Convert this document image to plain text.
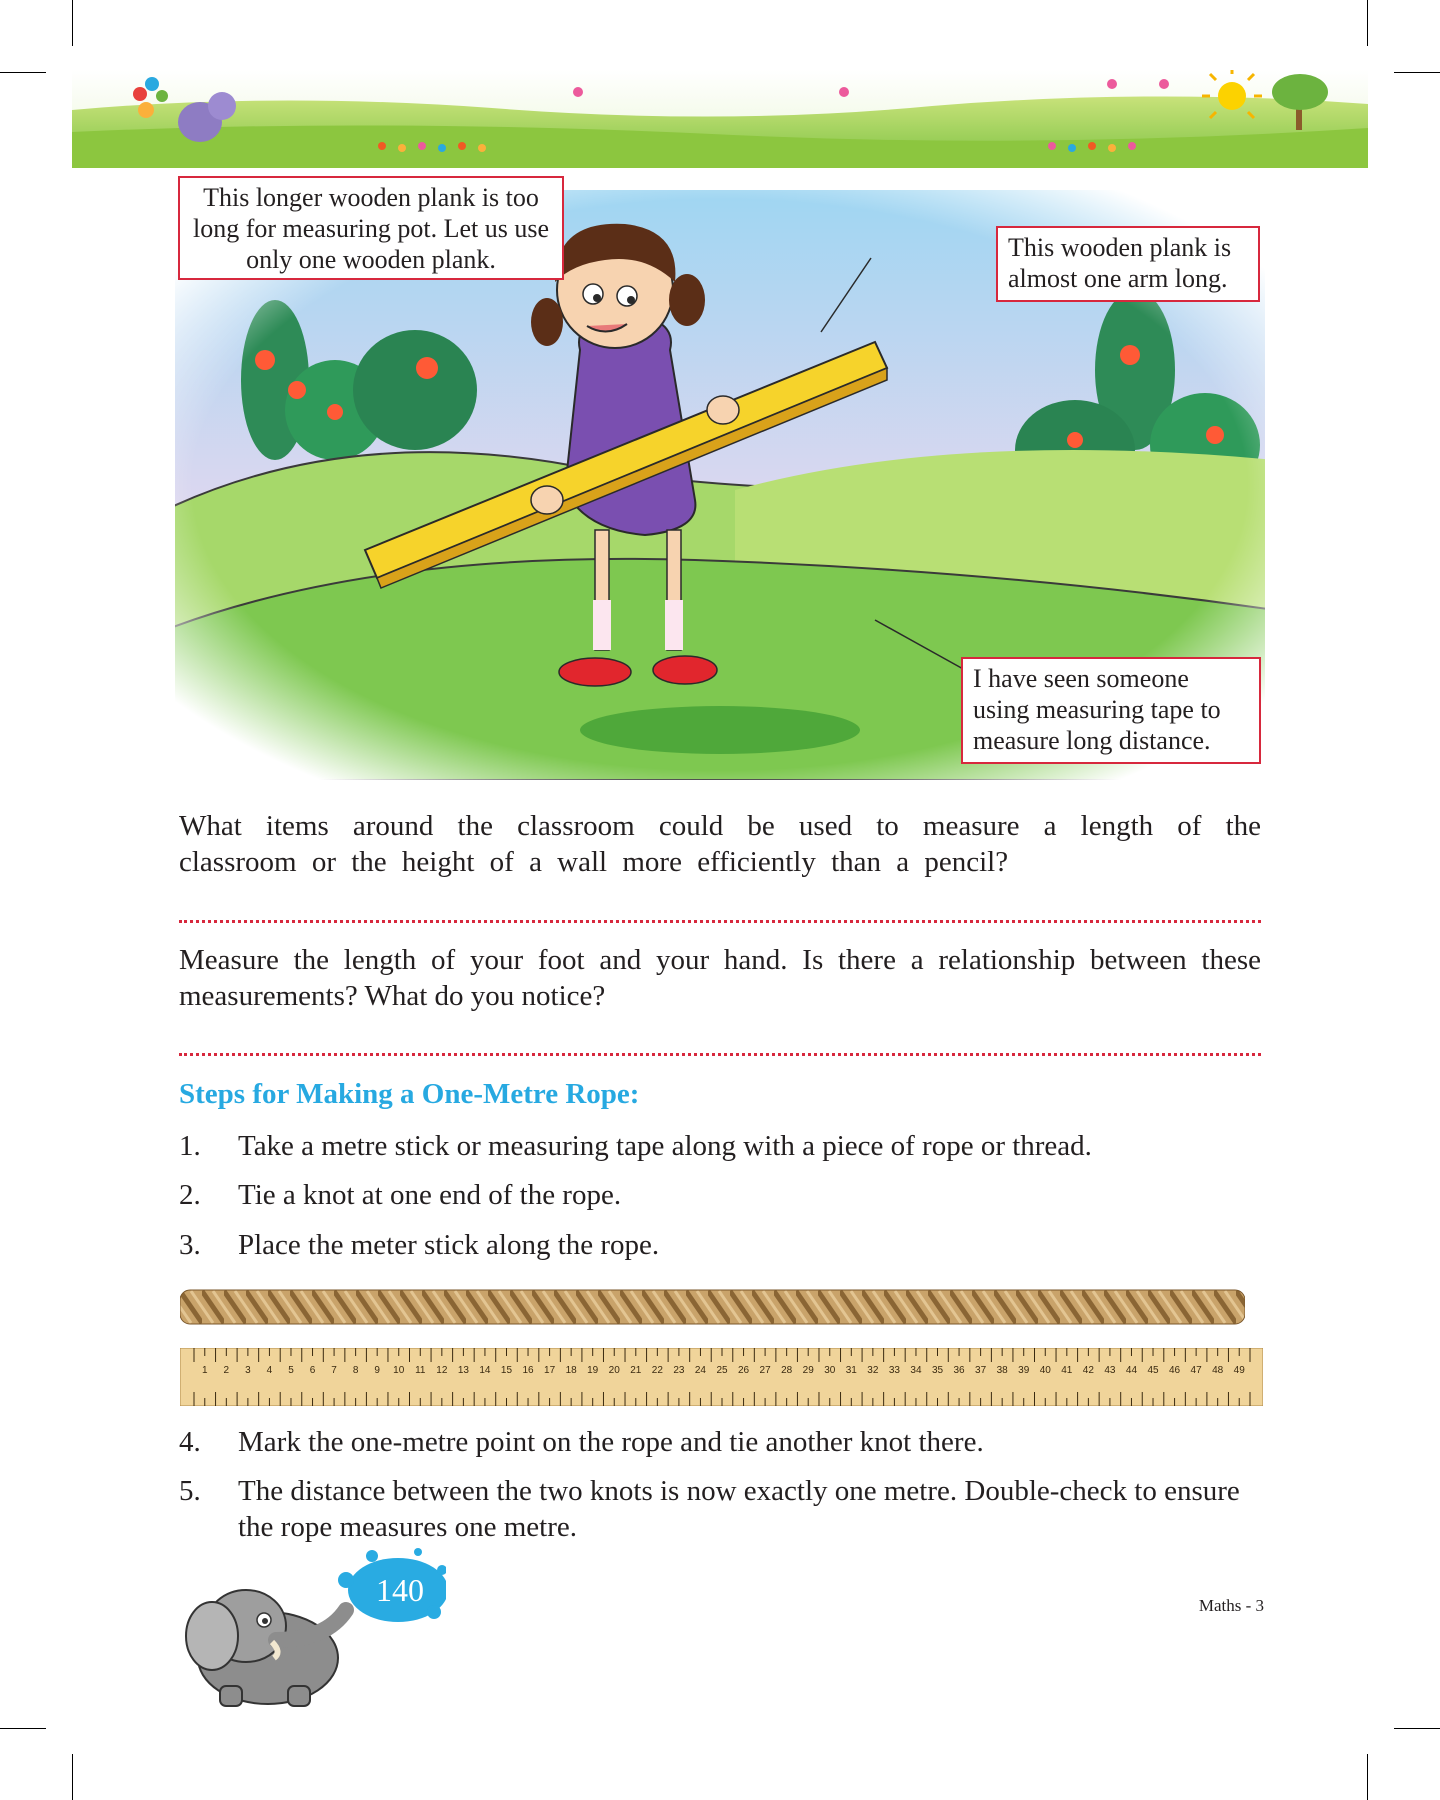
This longer wooden plank is too long for measuring pot. Let us use only one wooden plank.	This wooden plank is almost one arm long.
I have seen someone using measuring tape to measure long distance.
What items around the classroom could be used to measure a length of the classroom or the height of a wall more efficiently than a pencil?
Measure the length of your foot and your hand. Is there a relationship between these measurements? What do you notice?
Steps for Making a One-Metre Rope:
1. Take a metre stick or measuring tape along with a piece of rope or thread.
2. Tie a knot at one end of the rope.
3. Place the meter stick along the rope.
1 2 3 4 5 6 7 8 9 10 11 12 13 14 15 16 17 18 19 20 21 22 23 24 25 26 27 28 29 30 31 32 33 34 35 36 37 38 39 40 41 42 43 44 45 46 47 48 49
4. Mark the one-metre point on the rope and tie another knot there.
5. The distance between the two knots is now exactly one metre. Double-check to ensure the rope measures one metre.
140	Maths - 3
